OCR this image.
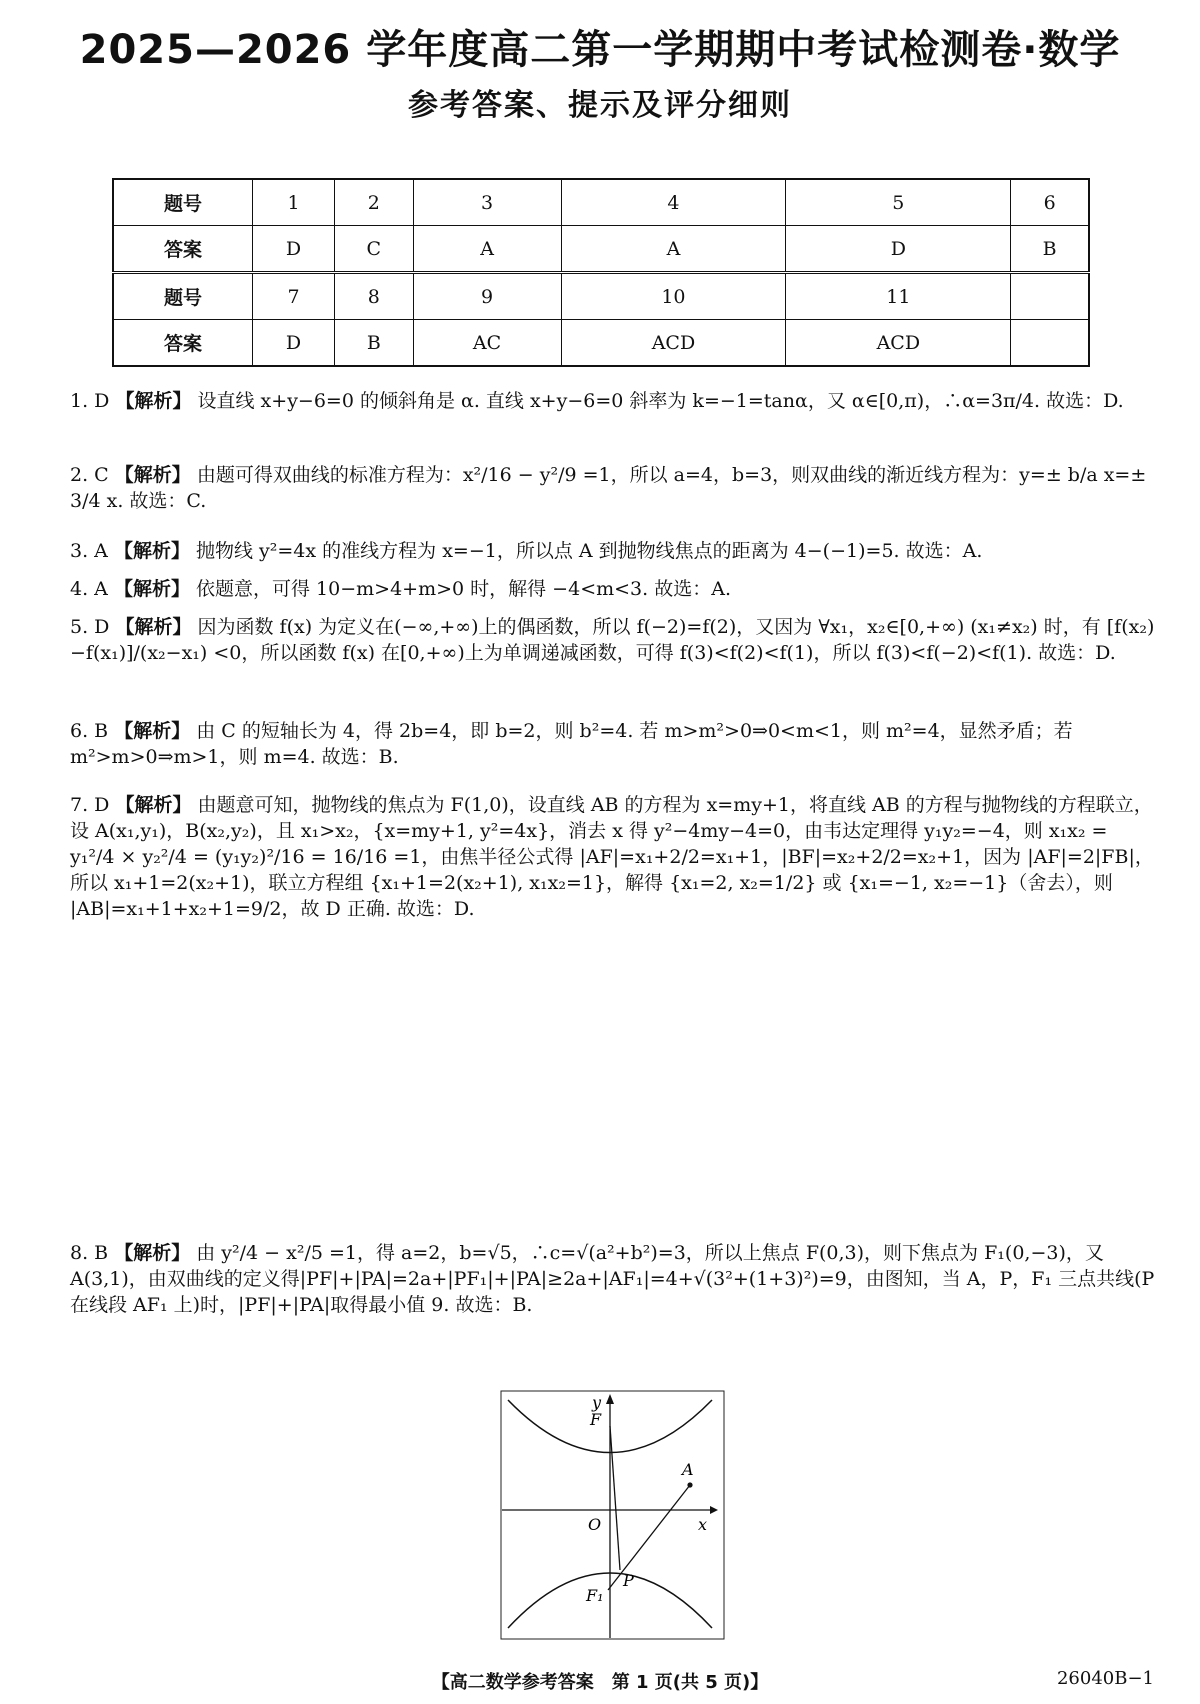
2025—2026 学年度高二第一学期期中考试检测卷·数学
参考答案、提示及评分细则
题号	1	2	3	4	5	6
答案	D	C	A	A	D	B
题号	7	8	9	10	11	
答案	D	B	AC	ACD	ACD	
1. D 【解析】 设直线 x+y−6=0 的倾斜角是 α. 直线 x+y−6=0 斜率为 k=−1=tanα，又 α∈[0,π)，∴α=3π/4. 故选：D.
2. C 【解析】 由题可得双曲线的标准方程为：x²/16 − y²/9 =1，所以 a=4，b=3，则双曲线的渐近线方程为：y=± b/a x=± 3/4 x. 故选：C.
3. A 【解析】 抛物线 y²=4x 的准线方程为 x=−1，所以点 A 到抛物线焦点的距离为 4−(−1)=5. 故选：A.
4. A 【解析】 依题意，可得 10−m>4+m>0 时，解得 −4<m<3. 故选：A.
5. D 【解析】 因为函数 f(x) 为定义在(−∞,+∞)上的偶函数，所以 f(−2)=f(2)，又因为 ∀x₁，x₂∈[0,+∞) (x₁≠x₂) 时，有 [f(x₂)−f(x₁)]/(x₂−x₁) <0，所以函数 f(x) 在[0,+∞)上为单调递减函数，可得 f(3)<f(2)<f(1)，所以 f(3)<f(−2)<f(1). 故选：D.
6. B 【解析】 由 C 的短轴长为 4，得 2b=4，即 b=2，则 b²=4. 若 m>m²>0⇒0<m<1，则 m²=4，显然矛盾；若 m²>m>0⇒m>1，则 m=4. 故选：B.
7. D 【解析】 由题意可知，抛物线的焦点为 F(1,0)，设直线 AB 的方程为 x=my+1，将直线 AB 的方程与抛物线的方程联立，设 A(x₁,y₁)，B(x₂,y₂)，且 x₁>x₂，{x=my+1, y²=4x}，消去 x 得 y²−4my−4=0，由韦达定理得 y₁y₂=−4，则 x₁x₂ = y₁²/4 × y₂²/4 = (y₁y₂)²/16 = 16/16 =1，由焦半径公式得 |AF|=x₁+2/2=x₁+1，|BF|=x₂+2/2=x₂+1，因为 |AF|=2|FB|，所以 x₁+1=2(x₂+1)，联立方程组 {x₁+1=2(x₂+1), x₁x₂=1}，解得 {x₁=2, x₂=1/2} 或 {x₁=−1, x₂=−1}（舍去），则 |AB|=x₁+1+x₂+1=9/2，故 D 正确. 故选：D.
8. B 【解析】 由 y²/4 − x²/5 =1，得 a=2，b=√5，∴c=√(a²+b²)=3，所以上焦点 F(0,3)，则下焦点为 F₁(0,−3)，又 A(3,1)，由双曲线的定义得|PF|+|PA|=2a+|PF₁|+|PA|≥2a+|AF₁|=4+√(3²+(1+3)²)=9，由图知，当 A，P，F₁ 三点共线(P 在线段 AF₁ 上)时，|PF|+|PA|取得最小值 9. 故选：B.
y
x
O
F
F₁
A
P
【高二数学参考答案　第 1 页(共 5 页)】	26040B−1
